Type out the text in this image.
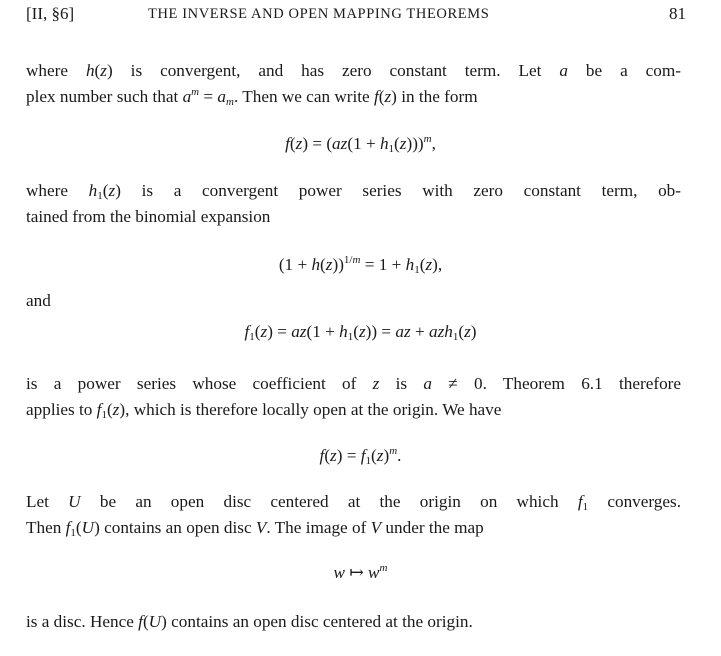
[II, §6]	THE INVERSE AND OPEN MAPPING THEOREMS	81
where h(z) is convergent, and has zero constant term. Let a be a com-
plex number such that $a^m = a_m$. Then we can write f(z) in the form
$f(z) = (az(1 + h_1(z)))^m$,
where $h_1(z)$ is a convergent power series with zero constant term, ob-
tained from the binomial expansion
$(1 + h(z))^{1/m} = 1 + h_1(z)$,
and
$f_1(z) = az(1 + h_1(z))$ = az + azh$_1$(z)
is a power series whose coefficient of z is a ≠ 0. Theorem 6.1 therefore
applies to $f_1(z)$, which is therefore locally open at the origin. We have
$f(z) = f_1(z)^m$.
Let U be an open disc centered at the origin on which $f_1$ converges.
Then $f_1(U)$ contains an open disc V. The image of V under the map
w ↦ $w^m$
is a disc. Hence f(U) contains an open disc centered at the origin.
